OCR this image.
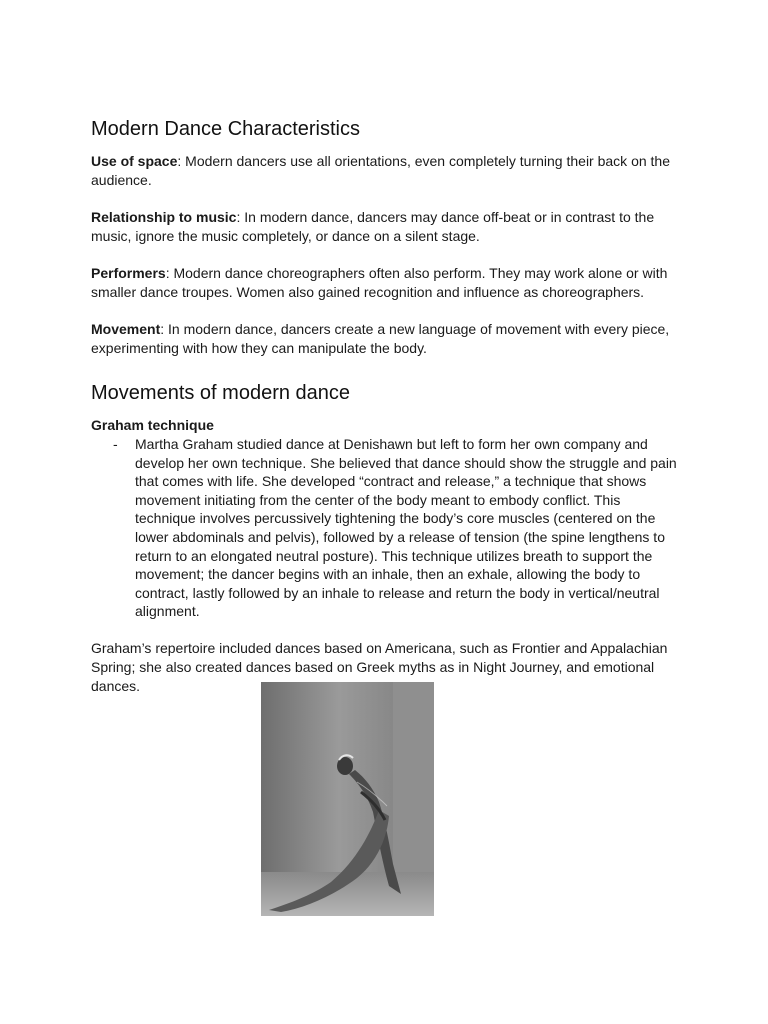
Modern Dance Characteristics

Use of space: Modern dancers use all orientations, even completely turning their back on the audience.

Relationship to music: In modern dance, dancers may dance off-beat or in contrast to the music, ignore the music completely, or dance on a silent stage.

Performers: Modern dance choreographers often also perform. They may work alone or with smaller dance troupes. Women also gained recognition and influence as choreographers.

Movement: In modern dance, dancers create a new language of movement with every piece, experimenting with how they can manipulate the body.

Movements of modern dance
Graham technique
- Martha Graham studied dance at Denishawn but left to form her own company and develop her own technique. She believed that dance should show the struggle and pain that comes with life. She developed “contract and release,” a technique that shows movement initiating from the center of the body meant to embody conflict. This technique involves percussively tightening the body’s core muscles (centered on the lower abdominals and pelvis), followed by a release of tension (the spine lengthens to return to an elongated neutral posture). This technique utilizes breath to support the movement; the dancer begins with an inhale, then an exhale, allowing the body to contract, lastly followed by an inhale to release and return the body in vertical/neutral alignment.

Graham’s repertoire included dances based on Americana, such as Frontier and Appalachian Spring; she also created dances based on Greek myths as in Night Journey, and emotional dances.
